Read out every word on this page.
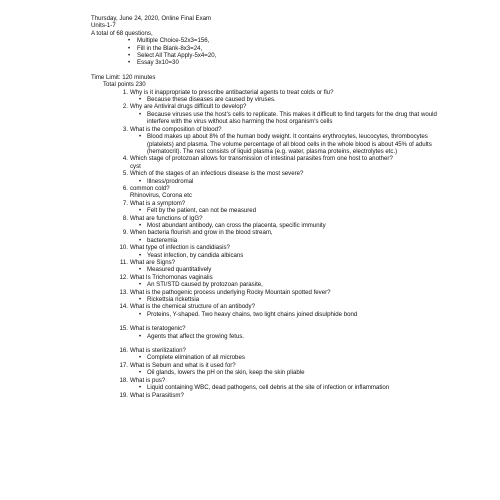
Thursday, June 24, 2020, Online Final Exam
Units-1-7
A total of 68 questions,
• Multiple Choice-52x3=156,
• Fill in the Blank-8x3=24,
• Select All That Apply-5x4=20,
• Essay 3x10=30
Time Limit: 120 minutes
Total points 230
1. Why is it inappropriate to prescribe antibacterial agents to treat colds or flu?
• Because these diseases are caused by viruses.
2. Why are Antiviral drugs difficult to develop?
• Because viruses use the host's cells to replicate. This makes it difficult to find targets for the drug that would interfere with the virus without also harming the host organism's cells
3. What is the composition of blood?
• Blood makes up about 8% of the human body weight. It contains erythrocytes, leucocytes, thrombocytes (platelets) and plasma. The volume percentage of all blood cells in the whole blood is about 45% of adults (hematocrit). The rest consists of liquid plasma (e.g. water, plasma proteins, electrolytes etc.)
4. Which stage of protozoan allows for transmission of intestinal parasites from one host to another?
cyst
5. Which of the stages of an infectious disease is the most severe?
• Illness/prodromal
6. common cold?
Rhinovirus, Corona etc
7. What is a symptom?
• Felt by the patient, can not be measured
8. What are functions of IgG?
• Most abundant antibody, can cross the placenta, specific immunity
9. When bacteria flourish and grow in the blood stream,
• bacteremia
10. What type of infection is candidiasis?
• Yeast infection, by candida albicans
11. What are Signs?
• Measured quantitatively
12. What Is Trichomonas vaginalis
• An STI/STD caused by protozoan parasite,
13. What is the pathogenic process underlying Rocky Mountain spotted fever?
• Rickettsia rickettsia
14. What is the chemical structure of an antibody?
• Proteins, Y-shaped. Two heavy chains, two light chains joined disulphide bond
15. What is teratogenic?
• Agents that affect the growing fetus.
16. What is sterilization?
• Complete elimination of all microbes
17. What is Sebum and what is it used for?
• Oil glands, lowers the pH on the skin, keep the skin pliable
18. What is pus?
• Liquid containing WBC, dead pathogens, cell debris at the site of infection or inflammation
19. What is Parasitism?
